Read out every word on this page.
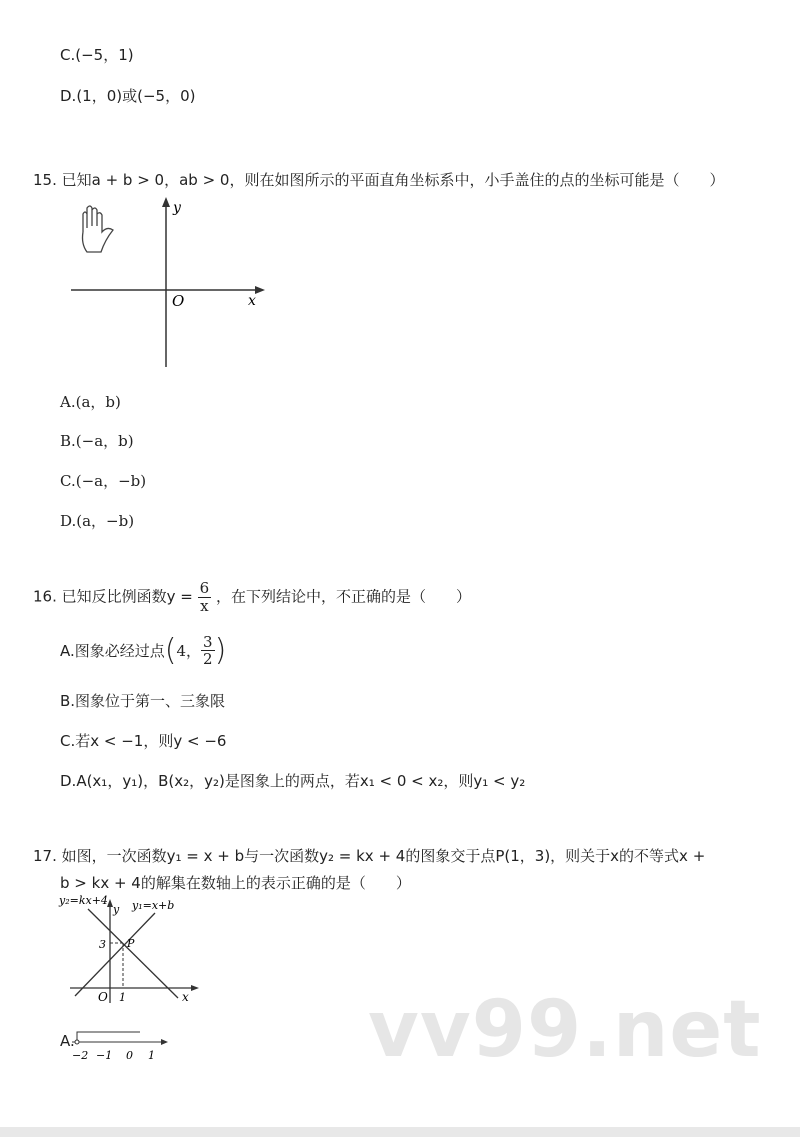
C.(−5，1)
D.(1，0)或(−5，0)
15. 已知a + b > 0，ab > 0，则在如图所示的平面直角坐标系中，小手盖住的点的坐标可能是（　　）
y
x
O
A.(a，b)
B.(−a，b)
C.(−a，−b)
D.(a，−b)
16. 已知反比例函数$y = \frac{6}{x}$ ，在下列结论中，不正确的是（　　）
A.图象必经过点(4， $\frac{3}{2}$ )
B.图象位于第一、三象限
C.若x < −1，则y < −6
D.A(x₁，y₁)，B(x₂，y₂)是图象上的两点，若x₁ < 0 < x₂，则y₁ < y₂
17. 如图，一次函数y₁ = x + b与一次函数y₂ = kx + 4的图象交于点P(1，3)，则关于x的不等式x +
b > kx + 4的解集在数轴上的表示正确的是（　　）
y₂=kx+4 y₁=x+b
y
3 P
O 1	x
A.
−2 −1 0 1	vv99.net
